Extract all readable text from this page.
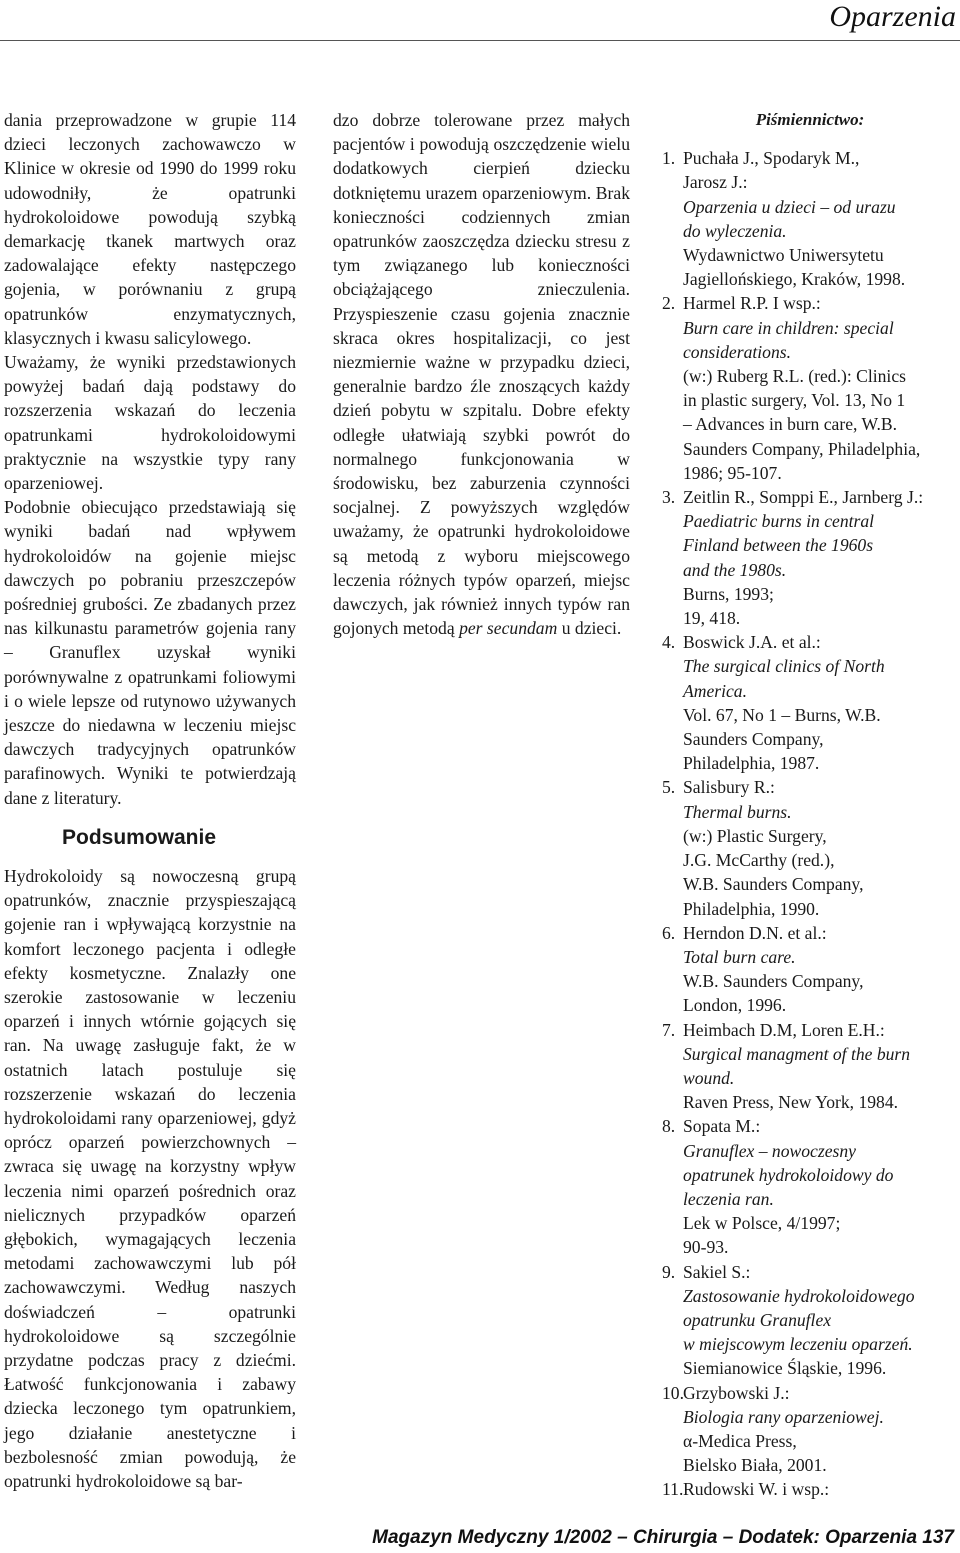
Oparzenia

dania przeprowadzone w grupie 114 dzieci leczonych zachowawczo w Klinice w okresie od 1990 do 1999 roku udowodniły, że opatrunki hydrokoloidowe powodują szybką demarkację tkanek martwych oraz zadowalające efekty następczego gojenia, w porównaniu z grupą opatrunków enzymatycznych, klasycznych i kwasu salicylowego.

Uważamy, że wyniki przedstawionych powyżej badań dają podstawy do rozszerzenia wskazań do leczenia opatrunkami hydrokoloidowymi praktycznie na wszystkie typy rany oparzeniowej.

Podobnie obiecująco przedstawiają się wyniki badań nad wpływem hydrokoloidów na gojenie miejsc dawczych po pobraniu przeszczepów pośredniej grubości. Ze zbadanych przez nas kilkunastu parametrów gojenia rany – Granuflex uzyskał wyniki porównywalne z opatrunkami foliowymi i o wiele lepsze od rutynowo używanych jeszcze do niedawna w leczeniu miejsc dawczych tradycyjnych opatrunków parafinowych. Wyniki te potwierdzają dane z literatury.

Podsumowanie

Hydrokoloidy są nowoczesną grupą opatrunków, znacznie przyspieszającą gojenie ran i wpływającą korzystnie na komfort leczonego pacjenta i odległe efekty kosmetyczne. Znalazły one szerokie zastosowanie w leczeniu oparzeń i innych wtórnie gojących się ran. Na uwagę zasługuje fakt, że w ostatnich latach postuluje się rozszerzenie wskazań do leczenia hydrokoloidami rany oparzeniowej, gdyż oprócz oparzeń powierzchownych – zwraca się uwagę na korzystny wpływ leczenia nimi oparzeń pośrednich oraz nielicznych przypadków oparzeń głębokich, wymagających leczenia metodami zachowawczymi lub pół zachowawczymi. Według naszych doświadczeń – opatrunki hydrokoloidowe są szczególnie przydatne podczas pracy z dziećmi. Łatwość funkcjonowania i zabawy dziecka leczonego tym opatrunkiem, jego działanie anestetyczne i bezbolesność zmian powodują, że opatrunki hydrokoloidowe są bar-

dzo dobrze tolerowane przez małych pacjentów i powodują oszczędzenie wielu dodatkowych cierpień dziecku dotkniętemu urazem oparzeniowym. Brak konieczności codziennych zmian opatrunków zaoszczędza dziecku stresu z tym związanego lub konieczności obciążającego znieczulenia. Przyspieszenie czasu gojenia znacznie skraca okres hospitalizacji, co jest niezmiernie ważne w przypadku dzieci, generalnie bardzo źle znoszących każdy dzień pobytu w szpitalu. Dobre efekty odległe ułatwiają szybki powrót do normalnego funkcjonowania w środowisku, bez zaburzenia czynności socjalnej. Z powyższych względów uważamy, że opatrunki hydrokoloidowe są metodą z wyboru miejscowego leczenia różnych typów oparzeń, miejsc dawczych, jak również innych typów ran gojonych metodą per secundam u dzieci.

Piśmiennictwo:
1. Puchała J., Spodaryk M.,
Jarosz J.:
Oparzenia u dzieci – od urazu
do wyleczenia.
Wydawnictwo Uniwersytetu
Jagiellońskiego, Kraków, 1998.
2. Harmel R.P. I wsp.:
Burn care in children: special
considerations.
(w:) Ruberg R.L. (red.): Clinics
in plastic surgery, Vol. 13, No 1
– Advances in burn care, W.B.
Saunders Company, Philadelphia,
1986; 95-107.
3. Zeitlin R., Somppi E., Jarnberg J.:
Paediatric burns in central
Finland between the 1960s
and the 1980s.
Burns, 1993;
19, 418.
4. Boswick J.A. et al.:
The surgical clinics of North
America.
Vol. 67, No 1 – Burns, W.B.
Saunders Company,
Philadelphia, 1987.
5. Salisbury R.:
Thermal burns.
(w:) Plastic Surgery,
J.G. McCarthy (red.),
W.B. Saunders Company,
Philadelphia, 1990.
6. Herndon D.N. et al.:
Total burn care.
W.B. Saunders Company,
London, 1996.
7. Heimbach D.M, Loren E.H.:
Surgical managment of the burn
wound.
Raven Press, New York, 1984.
8. Sopata M.:
Granuflex – nowoczesny
opatrunek hydrokoloidowy do
leczenia ran.
Lek w Polsce, 4/1997;
90-93.
9. Sakiel S.:
Zastosowanie hydrokoloidowego
opatrunku Granuflex
w miejscowym leczeniu oparzeń.
Siemianowice Śląskie, 1996.
10. Grzybowski J.:
Biologia rany oparzeniowej.
α-Medica Press,
Bielsko Biała, 2001.
11. Rudowski W. i wsp.:
Magazyn Medyczny 1/2002 – Chirurgia – Dodatek: Oparzenia 137
